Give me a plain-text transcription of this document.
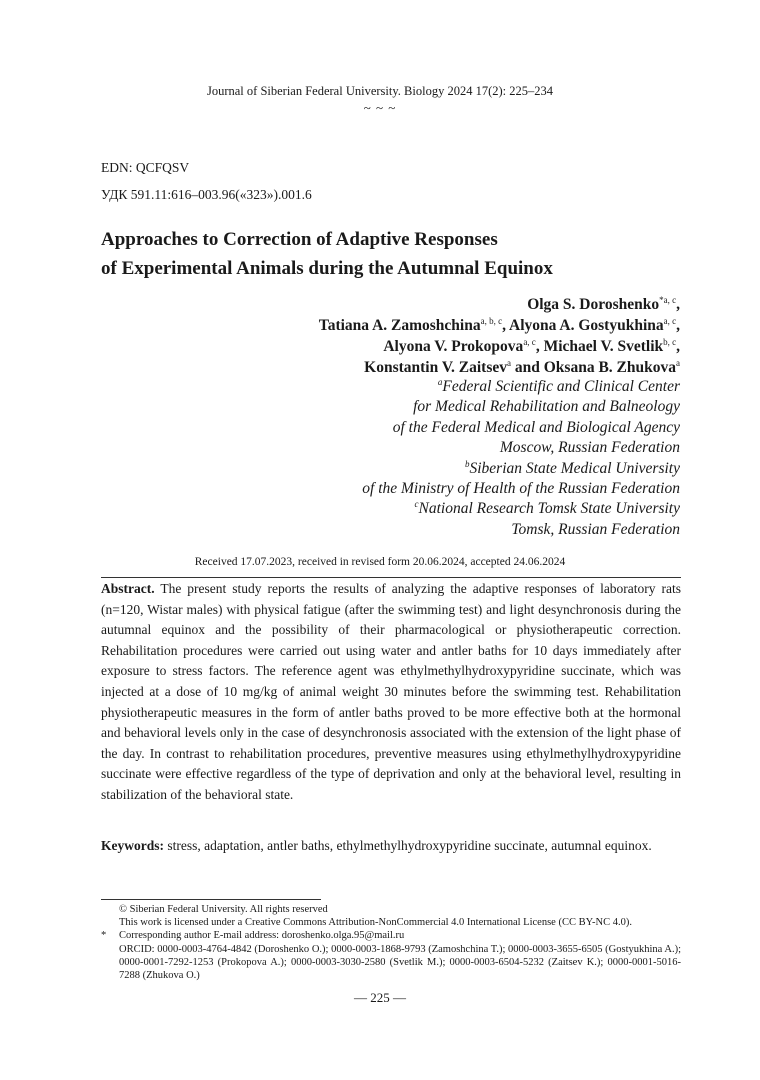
Journal of Siberian Federal University. Biology 2024 17(2): 225–234
~ ~ ~
EDN: QCFQSV
УДК 591.11:616–003.96(«323»).001.6
Approaches to Correction of Adaptive Responses
of Experimental Animals during the Autumnal Equinox
Olga S. Doroshenko$^{*a, c}$,
Tatiana A. Zamoshchina$^{a, b, c}$, Alyona A. Gostyukhina$^{a, c}$,
Alyona V. Prokopova$^{a, c}$, Michael V. Svetlik$^{b, c}$,
Konstantin V. Zaitsev$^a$ and Oksana B. Zhukova$^a$
$^a$Federal Scientific and Clinical Center
for Medical Rehabilitation and Balneology
of the Federal Medical and Biological Agency
Moscow, Russian Federation
$^b$Siberian State Medical University
of the Ministry of Health of the Russian Federation
$^c$National Research Tomsk State University
Tomsk, Russian Federation
Received 17.07.2023, received in revised form 20.06.2024, accepted 24.06.2024
Abstract. The present study reports the results of analyzing the adaptive responses of laboratory rats (n=120, Wistar males) with physical fatigue (after the swimming test) and light desynchronosis during the autumnal equinox and the possibility of their pharmacological or physiotherapeutic correction. Rehabilitation procedures were carried out using water and antler baths for 10 days immediately after exposure to stress factors. The reference agent was ethylmethylhydroxypyridine succinate, which was injected at a dose of 10 mg/kg of animal weight 30 minutes before the swimming test. Rehabilitation physiotherapeutic measures in the form of antler baths proved to be more effective both at the hormonal and behavioral levels only in the case of desynchronosis associated with the extension of the light phase of the day. In contrast to rehabilitation procedures, preventive measures using ethylmethylhydroxypyridine succinate were effective regardless of the type of deprivation and only at the behavioral level, resulting in stabilization of the behavioral state.
Keywords: stress, adaptation, antler baths, ethylmethylhydroxypyridine succinate, autumnal equinox.
© Siberian Federal University. All rights reserved
This work is licensed under a Creative Commons Attribution-NonCommercial 4.0 International License (CC BY-NC 4.0).
*	Corresponding author E-mail address: doroshenko.olga.95@mail.ru
ORCID: 0000-0003-4764-4842 (Doroshenko O.); 0000-0003-1868-9793 (Zamoshchina T.); 0000-0003-3655-6505 (Gostyukhina A.); 0000-0001-7292-1253 (Prokopova A.); 0000-0003-3030-2580 (Svetlik M.); 0000-0003-6504-5232 (Zaitsev K.); 0000-0001-5016-7288 (Zhukova O.)
— 225 —
